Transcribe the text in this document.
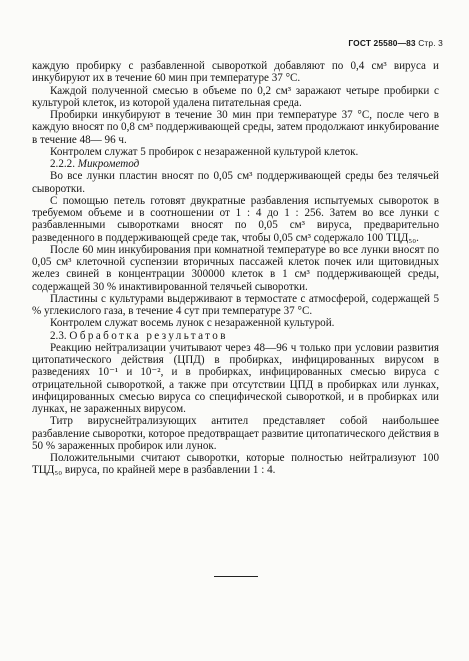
ГОСТ 25580—83 Стр. 3

каждую пробирку с разбавленной сывороткой добавляют по 0,4 см³ вируса и инкубируют их в течение 60 мин при температуре 37 °С.

Каждой полученной смесью в объеме по 0,2 см³ заражают четыре пробирки с культурой клеток, из которой удалена питательная среда.

Пробирки инкубируют в течение 30 мин при температуре 37 °С, после чего в каждую вносят по 0,8 см³ поддерживающей среды, затем продолжают инкубирование в течение 48— 96 ч.

Контролем служат 5 пробирок с незараженной культурой клеток.

2.2.2. Микрометод

Во все лунки пластин вносят по 0,05 см³ поддерживающей среды без телячьей сыворотки.

С помощью петель готовят двукратные разбавления испытуемых сывороток в требуемом объеме и в соотношении от 1 : 4 до 1 : 256. Затем во все лунки с разбавленными сыворотками вносят по 0,05 см³ вируса, предварительно разведенного в поддерживающей среде так, чтобы 0,05 см³ содержало 100 ТЦД₅₀.

После 60 мин инкубирования при комнатной температуре во все лунки вносят по 0,05 см³ клеточной суспензии вторичных пассажей клеток почек или щитовидных желез свиней в концентрации 300000 клеток в 1 см³ поддерживающей среды, содержащей 30 % инактивированной телячьей сыворотки.

Пластины с культурами выдерживают в термостате с атмосферой, содержащей 5 % углекислого газа, в течение 4 сут при температуре 37 °С.

Контролем служат восемь лунок с незараженной культурой.

2.3. Обработка результатов

Реакцию нейтрализации учитывают через 48—96 ч только при условии развития цитопатического действия (ЦПД) в пробирках, инфицированных вирусом в разведениях 10⁻¹ и 10⁻², и в пробирках, инфицированных смесью вируса с отрицательной сывороткой, а также при отсутствии ЦПД в пробирках или лунках, инфицированных смесью вируса со специфической сывороткой, и в пробирках или лунках, не зараженных вирусом.

Титр вируснейтрализующих антител представляет собой наибольшее разбавление сыворотки, которое предотвращает развитие цитопатического действия в 50 % зараженных пробирок или лунок.

Положительными считают сыворотки, которые полностью нейтрализуют 100 ТЦД₅₀ вируса, по крайней мере в разбавлении 1 : 4.
